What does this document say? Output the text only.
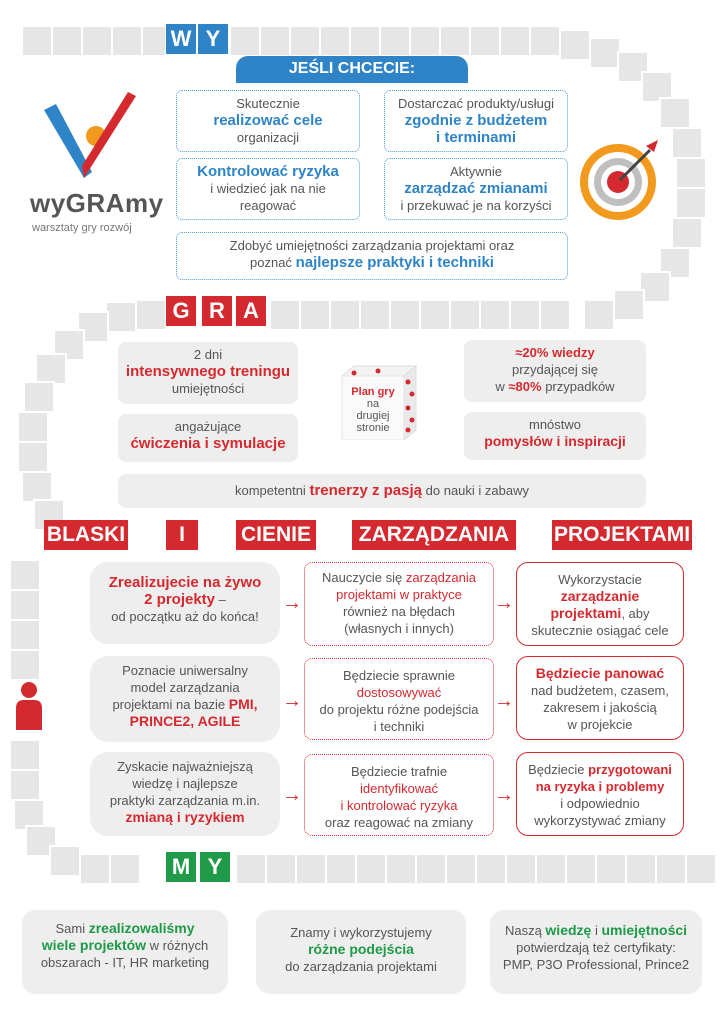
W Y
JEŚLI CHCECIE:
wyGRAmy
warsztaty gry rozwój
Skutecznie
realizować cele
organizacji
Dostarczać produkty/usługi
zgodnie z budżetem
i terminami
Kontrolować ryzyka
i wiedzieć jak na nie
reagować
Aktywnie
zarządzać zmianami
i przekuwać je na korzyści
Zdobyć umiejętności zarządzania projektami oraz
poznać najlepsze praktyki i techniki
G R A
2 dni
intensywnego treningu
umiejętności
angażujące
ćwiczenia i symulacje
≈20% wiedzy
przydającej się
w ≈80% przypadków
mnóstwo
pomysłów i inspiracji
kompetentni trenerzy z pasją do nauki i zabawy
Plan gry
na
drugiej
stronie
BLASKI	I	CIENIE	ZARZĄDZANIA	PROJEKTAMI
Zrealizujecie na żywo
2 projekty –
od początku aż do końca!
→
Nauczycie się zarządzania
projektami w praktyce
również na błędach
(własnych i innych)
→
Wykorzystacie
zarządzanie
projektami, aby
skutecznie osiągać cele
Poznacie uniwersalny
model zarządzania
projektami na bazie PMI,
PRINCE2, AGILE
→
Będziecie sprawnie
dostosowywać
do projektu różne podejścia
i techniki
→
Będziecie panować
nad budżetem, czasem,
zakresem i jakością
w projekcie
Zyskacie najważniejszą
wiedzę i najlepsze
praktyki zarządzania m.in.
zmianą i ryzykiem
→
Będziecie trafnie
identyfikować
i kontrolować ryzyka
oraz reagować na zmiany
→
Będziecie przygotowani
na ryzyka i problemy
i odpowiednio
wykorzystywać zmiany
M Y
Sami zrealizowaliśmy
wiele projektów w różnych
obszarach - IT, HR marketing
Znamy i wykorzystujemy
różne podejścia
do zarządzania projektami
Naszą wiedzę i umiejętności
potwierdzają też certyfikaty:
PMP, P3O Professional, Prince2
